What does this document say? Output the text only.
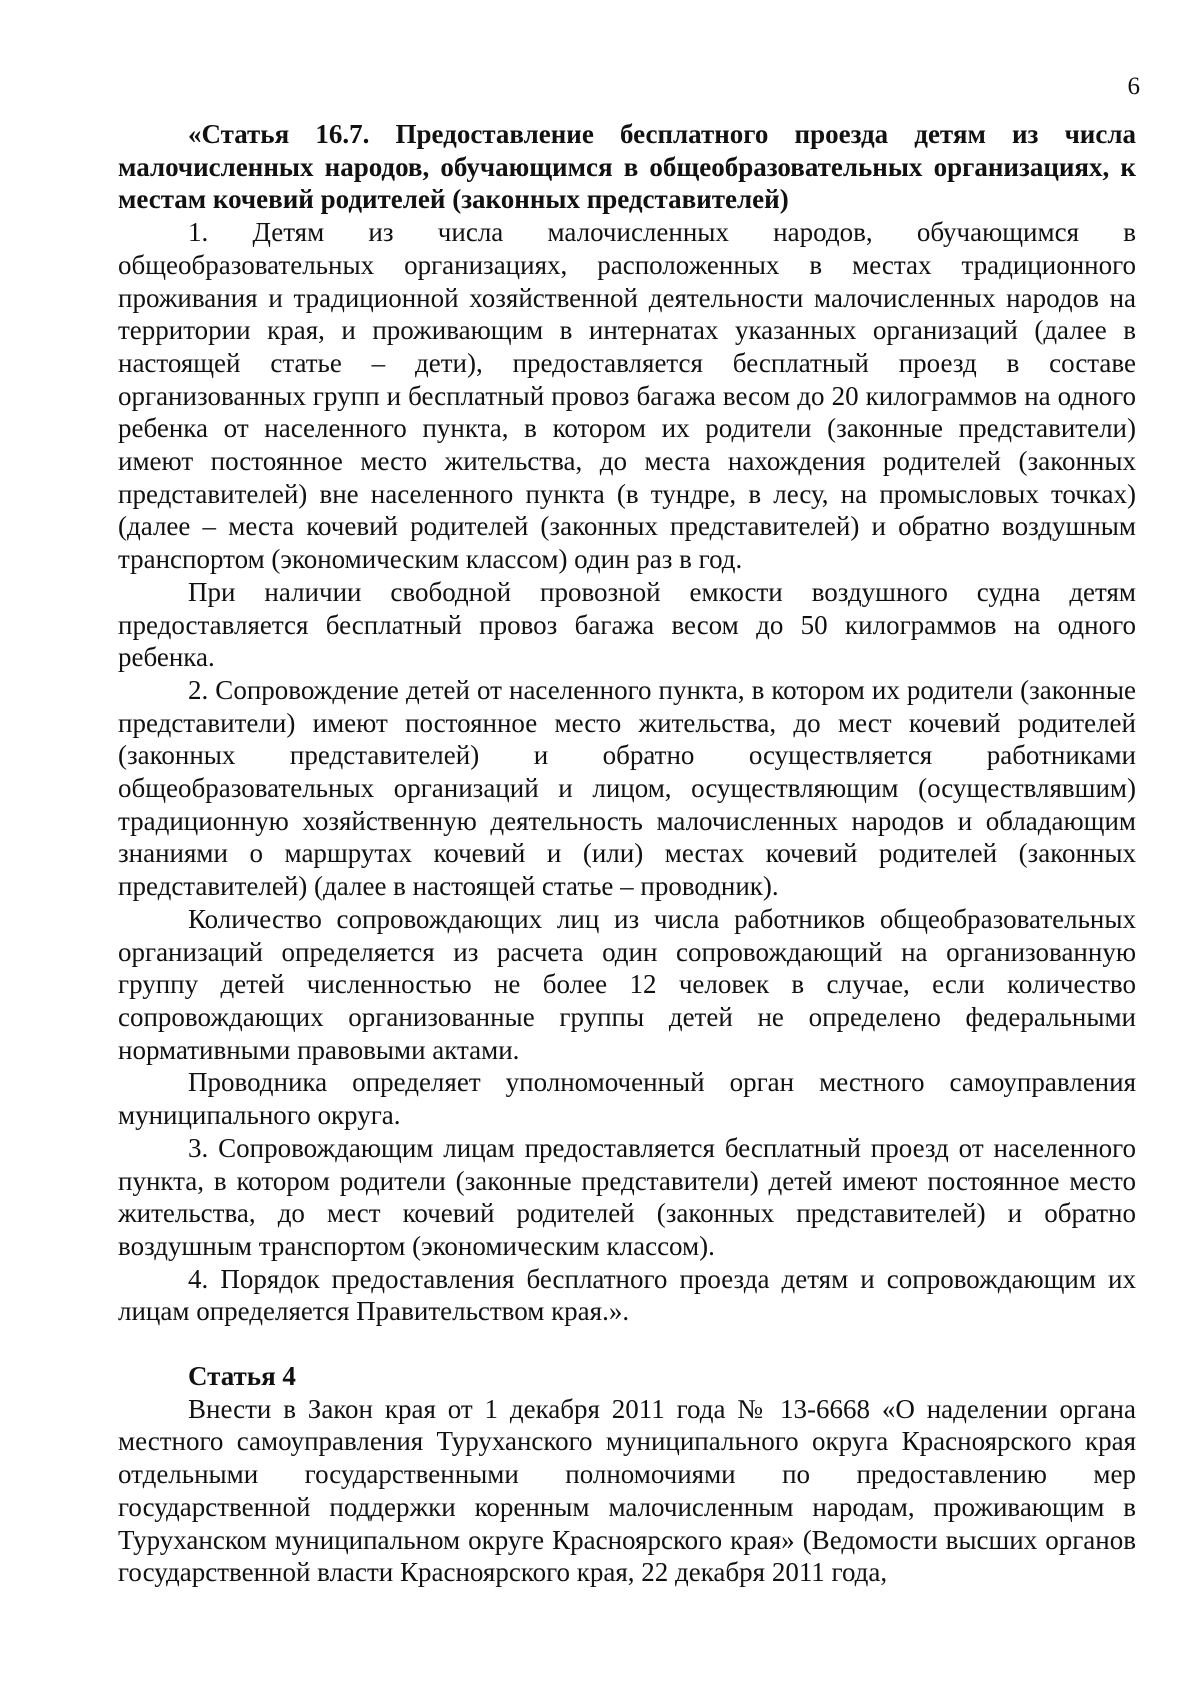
6

«Статья 16.7. Предоставление бесплатного проезда детям из числа малочисленных народов, обучающимся в общеобразовательных организациях, к местам кочевий родителей (законных представителей)

1. Детям из числа малочисленных народов, обучающимся в общеобразовательных организациях, расположенных в местах традиционного проживания и традиционной хозяйственной деятельности малочисленных народов на территории края, и проживающим в интернатах указанных организаций (далее в настоящей статье – дети), предоставляется бесплатный проезд в составе организованных групп и бесплатный провоз багажа весом до 20 килограммов на одного ребенка от населенного пункта, в котором их родители (законные представители) имеют постоянное место жительства, до места нахождения родителей (законных представителей) вне населенного пункта (в тундре, в лесу, на промысловых точках) (далее – места кочевий родителей (законных представителей) и обратно воздушным транспортом (экономическим классом) один раз в год.

При наличии свободной провозной емкости воздушного судна детям предоставляется бесплатный провоз багажа весом до 50 килограммов на одного ребенка.

2. Сопровождение детей от населенного пункта, в котором их родители (законные представители) имеют постоянное место жительства, до мест кочевий родителей (законных представителей) и обратно осуществляется работниками общеобразовательных организаций и лицом, осуществляющим (осуществлявшим) традиционную хозяйственную деятельность малочисленных народов и обладающим знаниями о маршрутах кочевий и (или) местах кочевий родителей (законных представителей) (далее в настоящей статье – проводник).

Количество сопровождающих лиц из числа работников общеобразовательных организаций определяется из расчета один сопровождающий на организованную группу детей численностью не более 12 человек в случае, если количество сопровождающих организованные группы детей не определено федеральными нормативными правовыми актами.

Проводника определяет уполномоченный орган местного самоуправления муниципального округа.

3. Сопровождающим лицам предоставляется бесплатный проезд от населенного пункта, в котором родители (законные представители) детей имеют постоянное место жительства, до мест кочевий родителей (законных представителей) и обратно воздушным транспортом (экономическим классом).

4. Порядок предоставления бесплатного проезда детям и сопровождающим их лицам определяется Правительством края.».

Статья 4

Внести в Закон края от 1 декабря 2011 года № 13-6668 «О наделении органа местного самоуправления Туруханского муниципального округа Красноярского края отдельными государственными полномочиями по предоставлению мер государственной поддержки коренным малочисленным народам, проживающим в Туруханском муниципальном округе Красноярского края» (Ведомости высших органов государственной власти Красноярского края, 22 декабря 2011 года,
